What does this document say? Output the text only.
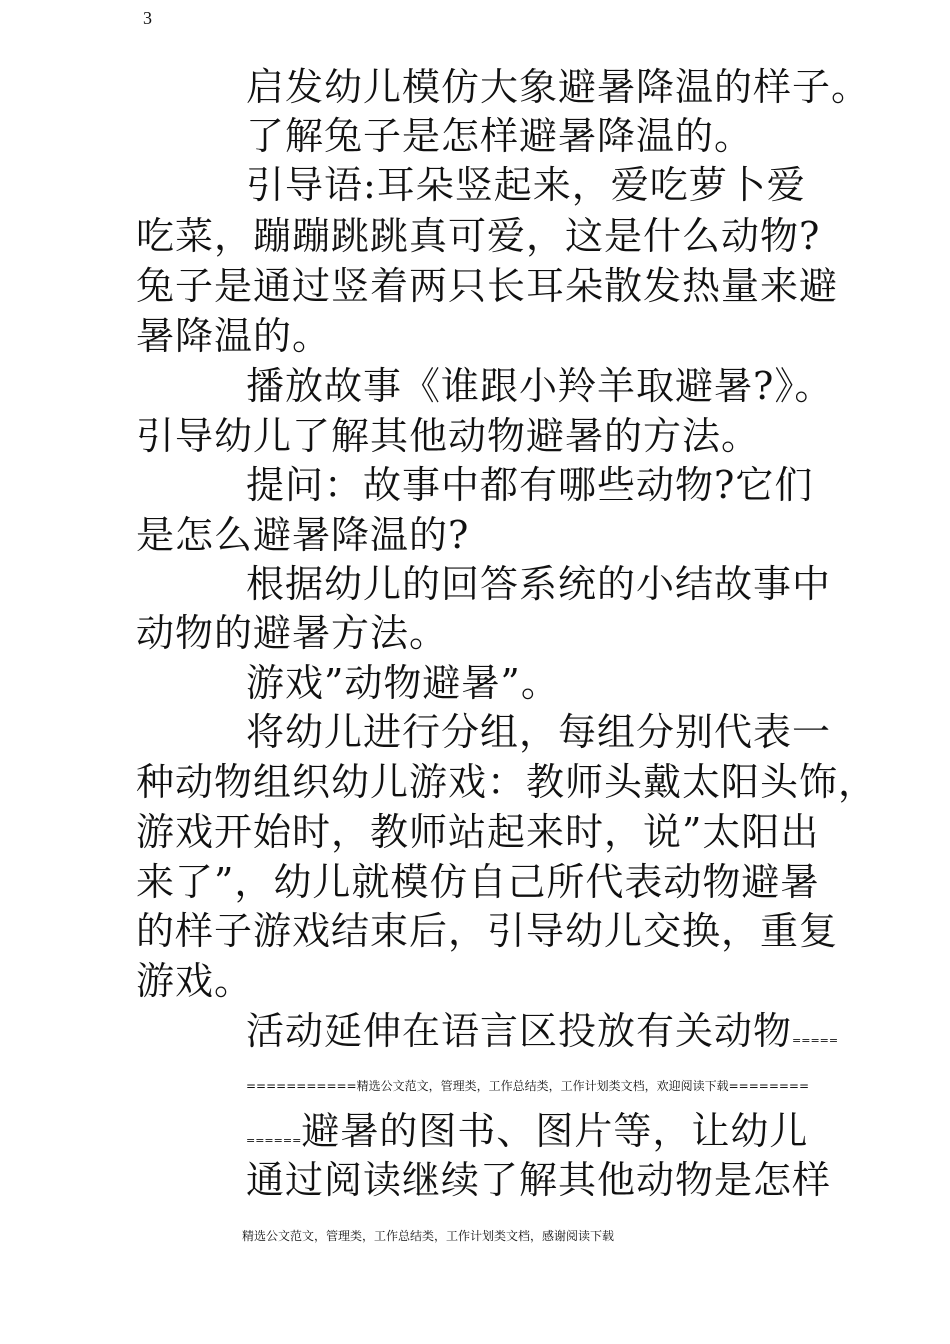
3
启发幼儿模仿大象避暑降温的样子。
了解兔子是怎样避暑降温的。
引导语:耳朵竖起来，爱吃萝卜爱
吃菜，蹦蹦跳跳真可爱，这是什么动物?
兔子是通过竖着两只长耳朵散发热量来避
暑降温的。
播放故事《谁跟小羚羊取避暑?》。
引导幼儿了解其他动物避暑的方法。
提问：故事中都有哪些动物?它们
是怎么避暑降温的?
根据幼儿的回答系统的小结故事中
动物的避暑方法。
游戏”动物避暑”。
将幼儿进行分组，每组分别代表一
种动物组织幼儿游戏：教师头戴太阳头饰，
游戏开始时，教师站起来时，说”太阳出
来了”，幼儿就模仿自己所代表动物避暑
的样子游戏结束后，引导幼儿交换，重复
游戏。
活动延伸在语言区投放有关动物=====
===========精选公文范文，管理类，工作总结类，工作计划类文档，欢迎阅读下载========
======避暑的图书、图片等，让幼儿
通过阅读继续了解其他动物是怎样
精选公文范文，管理类，工作总结类，工作计划类文档，感谢阅读下载
